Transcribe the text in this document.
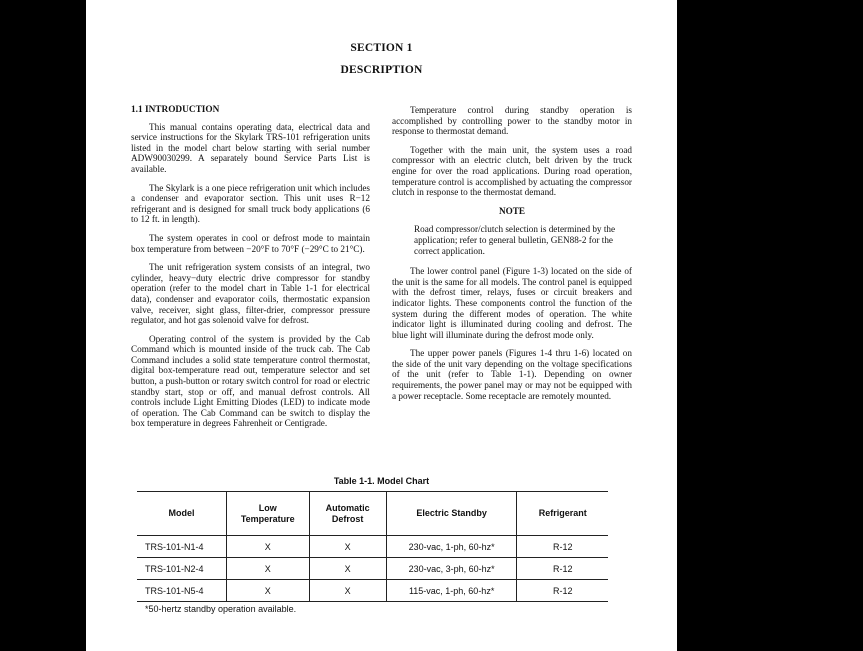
SECTION 1
DESCRIPTION

1.1 INTRODUCTION

This manual contains operating data, electrical data and service instructions for the Skylark TRS-101 refrigeration units listed in the model chart below starting with serial number ADW90030299. A separately bound Service Parts List is available.

The Skylark is a one piece refrigeration unit which includes a condenser and evaporator section. This unit uses R−12 refrigerant and is designed for small truck body applications (6 to 12 ft. in length).

The system operates in cool or defrost mode to maintain box temperature from between −20°F to 70°F (−29°C to 21°C).

The unit refrigeration system consists of an integral, two cylinder, heavy−duty electric drive compressor for standby operation (refer to the model chart in Table 1-1 for electrical data), condenser and evaporator coils, thermostatic expansion valve, receiver, sight glass, filter-drier, compressor pressure regulator, and hot gas solenoid valve for defrost.

Operating control of the system is provided by the Cab Command which is mounted inside of the truck cab. The Cab Command includes a solid state temperature control thermostat, digital box-temperature read out, temperature selector and set button, a push-button or rotary switch control for road or electric standby start, stop or off, and manual defrost controls. All controls include Light Emitting Diodes (LED) to indicate mode of operation. The Cab Command can be switch to display the box temperature in degrees Fahrenheit or Centigrade.

Temperature control during standby operation is accomplished by controlling power to the standby motor in response to thermostat demand.

Together with the main unit, the system uses a road compressor with an electric clutch, belt driven by the truck engine for over the road applications. During road operation, temperature control is accomplished by actuating the compressor clutch in response to the thermostat demand.

NOTE

Road compressor/clutch selection is determined by the application; refer to general bulletin, GEN88-2 for the correct application.

The lower control panel (Figure 1-3) located on the side of the unit is the same for all models. The control panel is equipped with the defrost timer, relays, fuses or circuit breakers and indicator lights. These components control the function of the system during the different modes of operation. The white indicator light is illuminated during cooling and defrost. The blue light will illuminate during the defrost mode only.

The upper power panels (Figures 1-4 thru 1-6) located on the side of the unit vary depending on the voltage specifications of the unit (refer to Table 1-1). Depending on owner requirements, the power panel may or may not be equipped with a power receptacle. Some receptacle are remotely mounted.

Table 1-1. Model Chart
Model	Low Temperature	Automatic Defrost	Electric Standby	Refrigerant
TRS-101-N1-4	X	X	230-vac, 1-ph, 60-hz*	R-12
TRS-101-N2-4	X	X	230-vac, 3-ph, 60-hz*	R-12
TRS-101-N5-4	X	X	115-vac, 1-ph, 60-hz*	R-12
*50-hertz standby operation available.
